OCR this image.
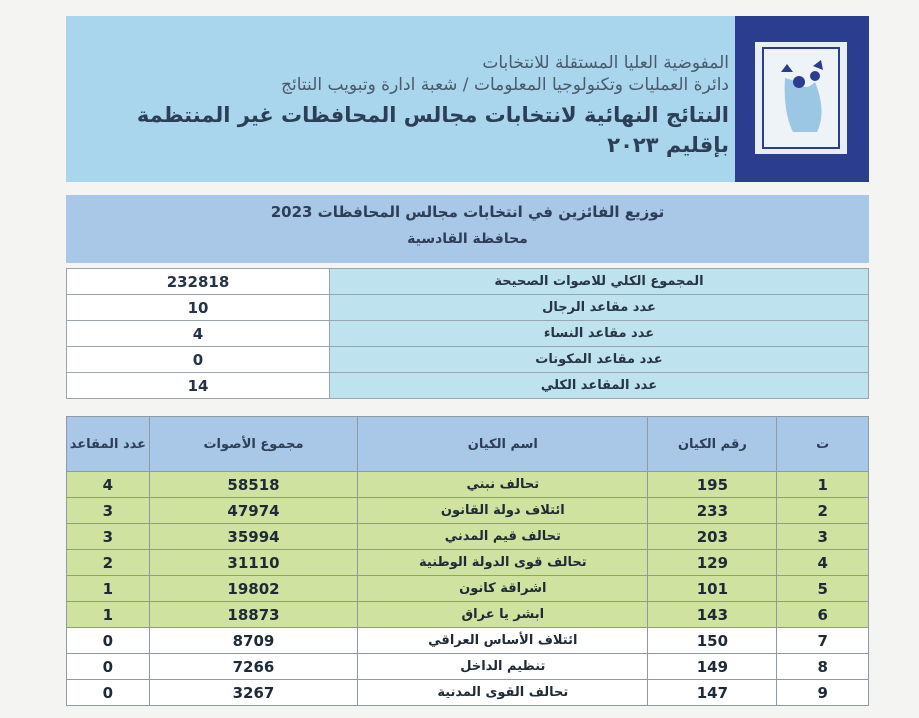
المفوضية العليا المستقلة للانتخابات
دائرة العمليات وتكنولوجيا المعلومات / شعبة ادارة وتبويب النتائج
النتائج النهائية لانتخابات مجالس المحافظات غير المنتظمة بإقليم ٢٠٢٣
توزيع الفائزين في انتخابات مجالس المحافظات 2023
محافظة القادسية
232818	المجموع الكلي للاصوات الصحيحة
10	عدد مقاعد الرجال
4	عدد مقاعد النساء
0	عدد مقاعد المكونات
14	عدد المقاعد الكلي
ت	رقم الكيان	اسم الكيان	مجموع الأصوات	عدد المقاعد
1	195	تحالف نبني	58518	4
2	233	ائتلاف دولة القانون	47974	3
3	203	تحالف قيم المدني	35994	3
4	129	تحالف قوى الدولة الوطنية	31110	2
5	101	اشراقة كانون	19802	1
6	143	ابشر يا عراق	18873	1
7	150	ائتلاف الأساس العراقي	8709	0
8	149	تنظيم الداخل	7266	0
9	147	تحالف القوى المدنية	3267	0
